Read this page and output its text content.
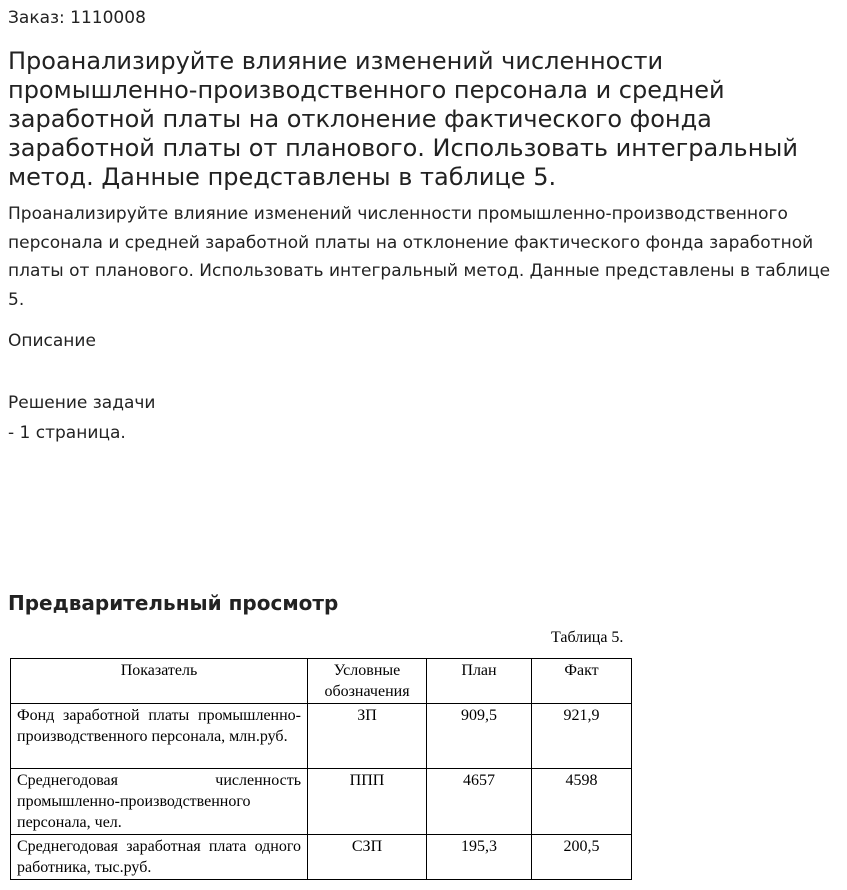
Заказ: 1110008
Проанализируйте влияние изменений численности промышленно-производственного персонала и средней заработной платы на отклонение фактического фонда заработной платы от планового. Использовать интегральный метод. Данные представлены в таблице 5.
Проанализируйте влияние изменений численности промышленно-производственного персонала и средней заработной платы на отклонение фактического фонда заработной платы от планового. Использовать интегральный метод. Данные представлены в таблице 5.
Описание
Решение задачи
- 1 страница.
Предварительный просмотр
Таблица 5.
Показатель	Условные обозначения	План	Факт
Фонд заработной платы промышленно-производственного персонала, млн.руб.	ЗП	909,5	921,9
Среднегодовая численность промышленно-производственного персонала, чел.	ППП	4657	4598
Среднегодовая заработная плата одного работника, тыс.руб.	СЗП	195,3	200,5
